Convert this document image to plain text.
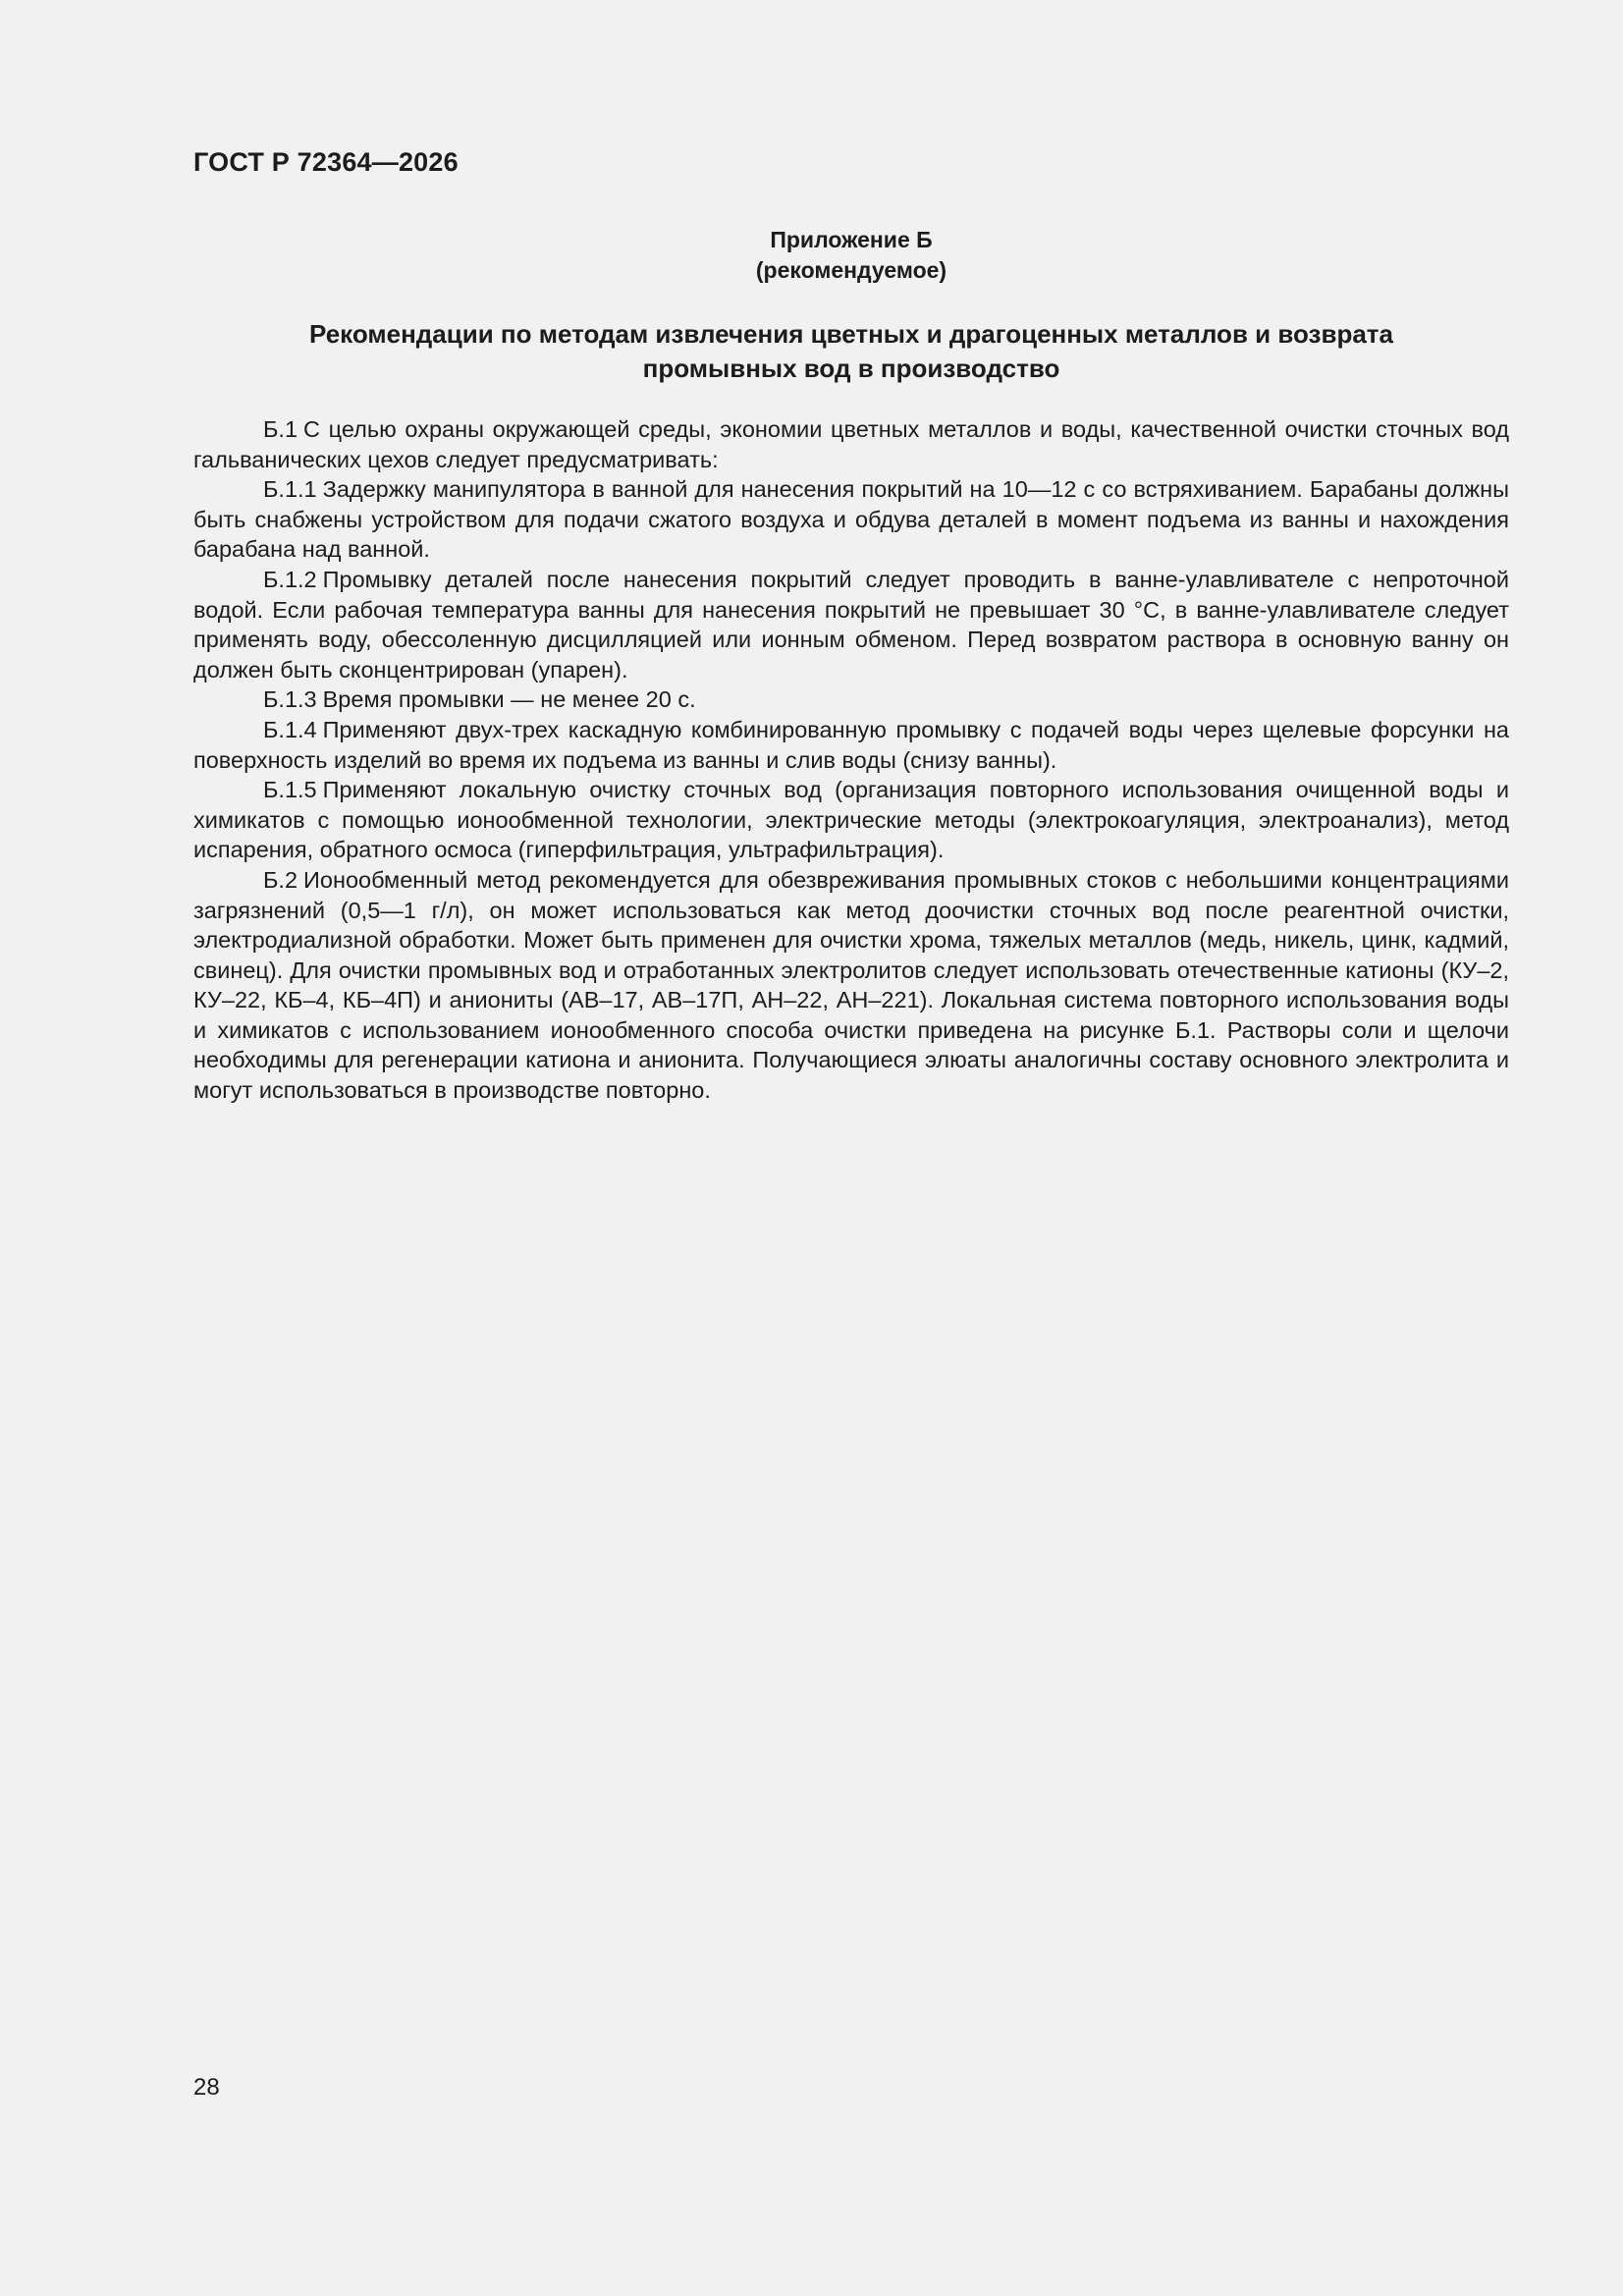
ГОСТ Р 72364—2026
Приложение Б
(рекомендуемое)
Рекомендации по методам извлечения цветных и драгоценных металлов и возврата
промывных вод в производство

Б.1 С целью охраны окружающей среды, экономии цветных металлов и воды, качественной очистки сточных вод гальванических цехов следует предусматривать:

Б.1.1 Задержку манипулятора в ванной для нанесения покрытий на 10—12 с со встряхиванием. Барабаны должны быть снабжены устройством для подачи сжатого воздуха и обдува деталей в момент подъема из ванны и нахождения барабана над ванной.

Б.1.2 Промывку деталей после нанесения покрытий следует проводить в ванне-улавливателе с непроточной водой. Если рабочая температура ванны для нанесения покрытий не превышает 30 °С, в ванне-улавливателе следует применять воду, обессоленную дисцилляцией или ионным обменом. Перед возвратом раствора в основную ванну он должен быть сконцентрирован (упарен).

Б.1.3 Время промывки — не менее 20 с.

Б.1.4 Применяют двух-трех каскадную комбинированную промывку с подачей воды через щелевые форсунки на поверхность изделий во время их подъема из ванны и слив воды (снизу ванны).

Б.1.5 Применяют локальную очистку сточных вод (организация повторного использования очищенной воды и химикатов с помощью ионообменной технологии, электрические методы (электрокоагуляция, электроанализ), метод испарения, обратного осмоса (гиперфильтрация, ультрафильтрация).

Б.2 Ионообменный метод рекомендуется для обезвреживания промывных стоков с небольшими концентрациями загрязнений (0,5—1 г/л), он может использоваться как метод доочистки сточных вод после реагентной очистки, электродиализной обработки. Может быть применен для очистки хрома, тяжелых металлов (медь, никель, цинк, кадмий, свинец). Для очистки промывных вод и отработанных электролитов следует использовать отечественные катионы (КУ–2, КУ–22, КБ–4, КБ–4П) и аниониты (АВ–17, АВ–17П, АН–22, АН–221). Локальная система повторного использования воды и химикатов с использованием ионообменного способа очистки приведена на рисунке Б.1. Растворы соли и щелочи необходимы для регенерации катиона и анионита. Получающиеся элюаты аналогичны составу основного электролита и могут использоваться в производстве повторно.

28
